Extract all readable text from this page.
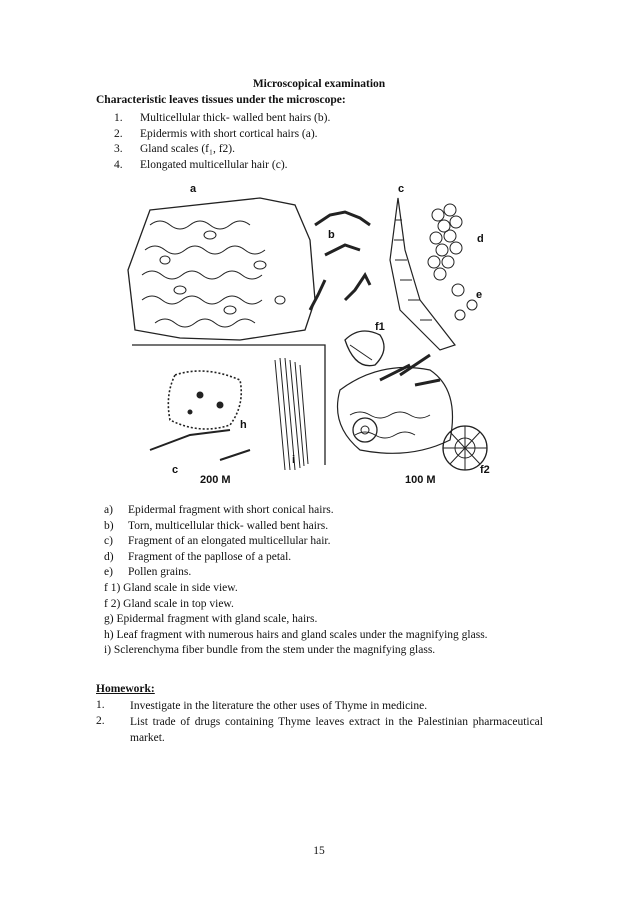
Microscopical examination
Characteristic leaves tissues under the microscope:
1. Multicellular thick- walled bent hairs (b).
2. Epidermis with short cortical hairs (a).
3. Gland scales (f₁, f2).
4. Elongated multicellular hair (c).
a
b
c
d
e
f1
h
i
c
200 M	100 M
f2
a) Epidermal fragment with short conical hairs.
b) Torn, multicellular thick- walled bent hairs.
c) Fragment of an elongated multicellular hair.
d) Fragment of the papllose of a petal.
e) Pollen grains.
f 1) Gland scale in side view.
f 2) Gland scale in top view.
g) Epidermal fragment with gland scale, hairs.
h) Leaf fragment with numerous hairs and gland scales under the magnifying glass.
i) Sclerenchyma fiber bundle from the stem under the magnifying glass.
Homework:
1. Investigate in the literature the other uses of Thyme in medicine.
2. List trade of drugs containing Thyme leaves extract in the Palestinian pharmaceutical market.
15
